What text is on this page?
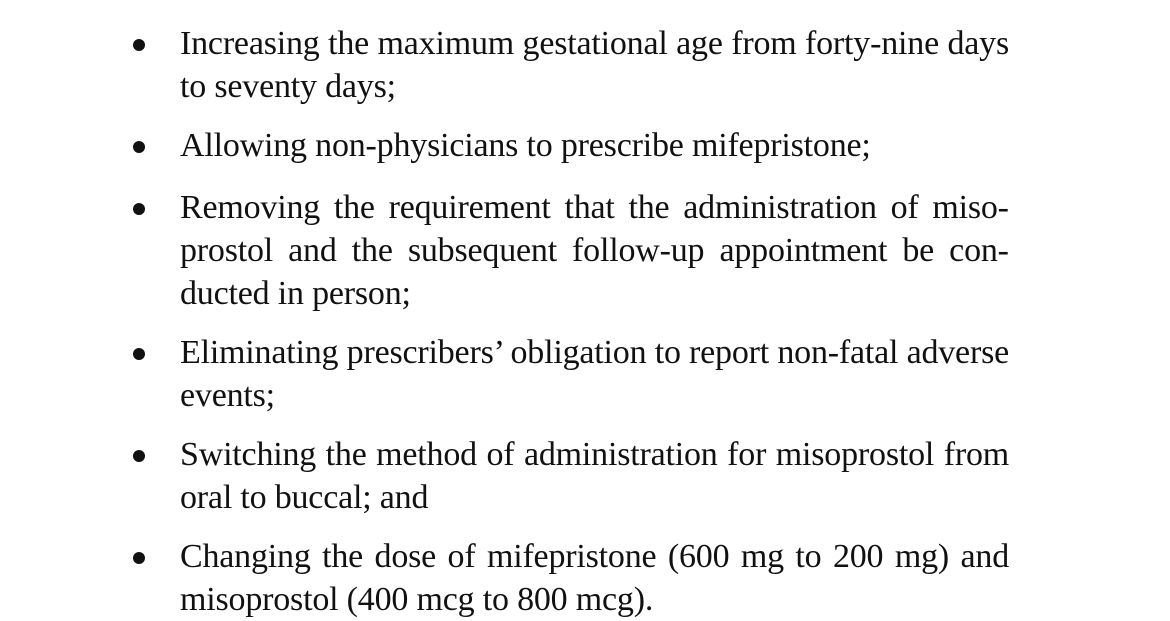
Increasing the maximum gestational age from forty-nine days to seventy days;
Allowing non-physicians to prescribe mifepristone;
Removing the requirement that the administration of misoprostol and the subsequent follow-up appointment be conducted in person;
Eliminating prescribers’ obligation to report non-fatal adverse events;
Switching the method of administration for misoprostol from oral to buccal; and
Changing the dose of mifepristone (600 mg to 200 mg) and misoprostol (400 mcg to 800 mcg).
